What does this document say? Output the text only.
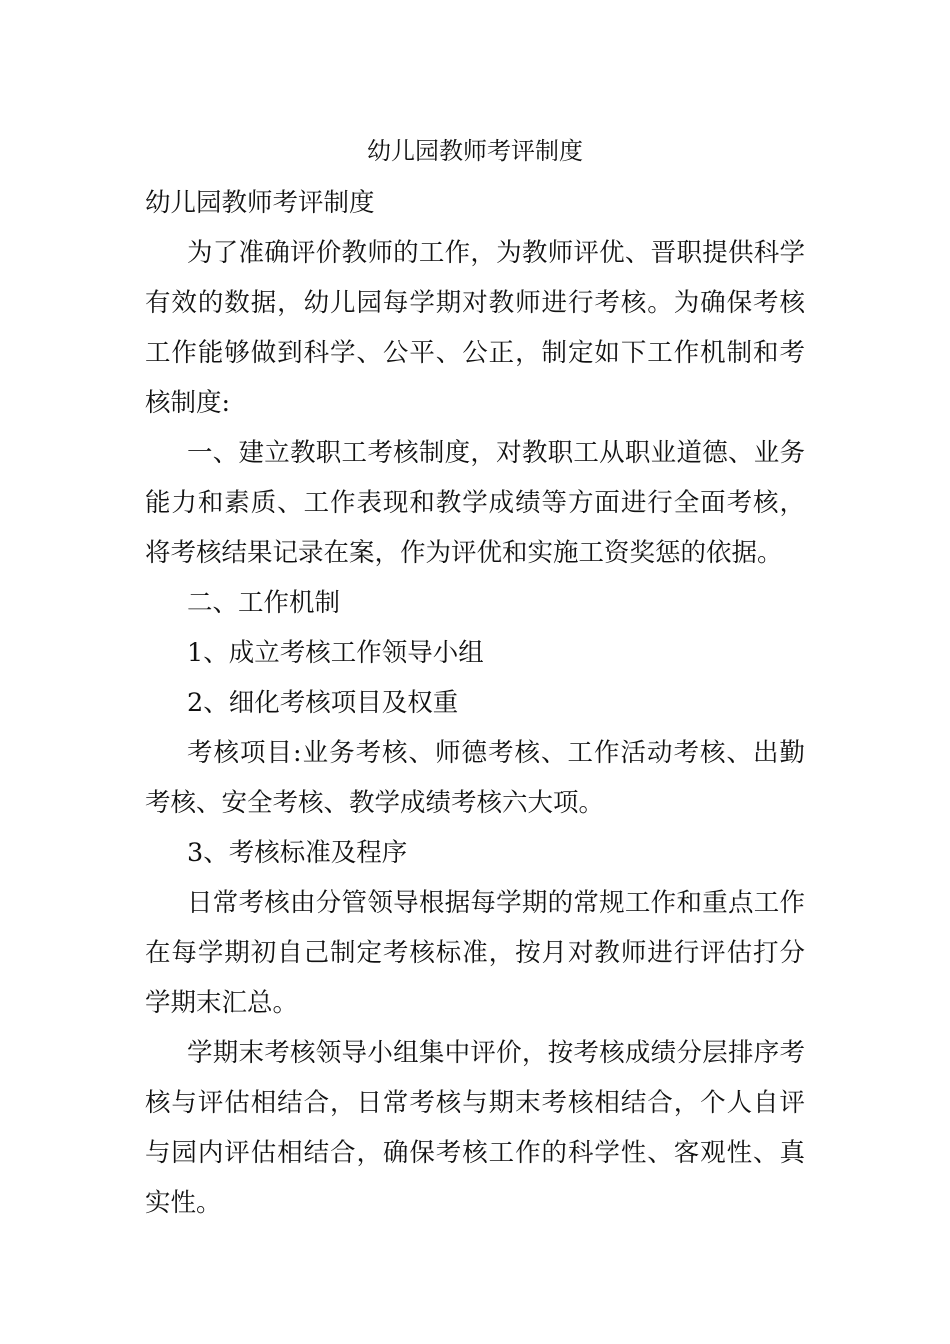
幼儿园教师考评制度

幼儿园教师考评制度

为了准确评价教师的工作，为教师评优、晋职提供科学有效的数据，幼儿园每学期对教师进行考核。为确保考核工作能够做到科学、公平、公正，制定如下工作机制和考核制度:

一、建立教职工考核制度，对教职工从职业道德、业务能力和素质、工作表现和教学成绩等方面进行全面考核，将考核结果记录在案，作为评优和实施工资奖惩的依据。

二、工作机制

1、成立考核工作领导小组

2、细化考核项目及权重

考核项目:业务考核、师德考核、工作活动考核、出勤考核、安全考核、教学成绩考核六大项。

3、考核标准及程序

日常考核由分管领导根据每学期的常规工作和重点工作在每学期初自己制定考核标准，按月对教师进行评估打分学期末汇总。

学期末考核领导小组集中评价，按考核成绩分层排序考核与评估相结合，日常考核与期末考核相结合，个人自评与园内评估相结合，确保考核工作的科学性、客观性、真实性。
